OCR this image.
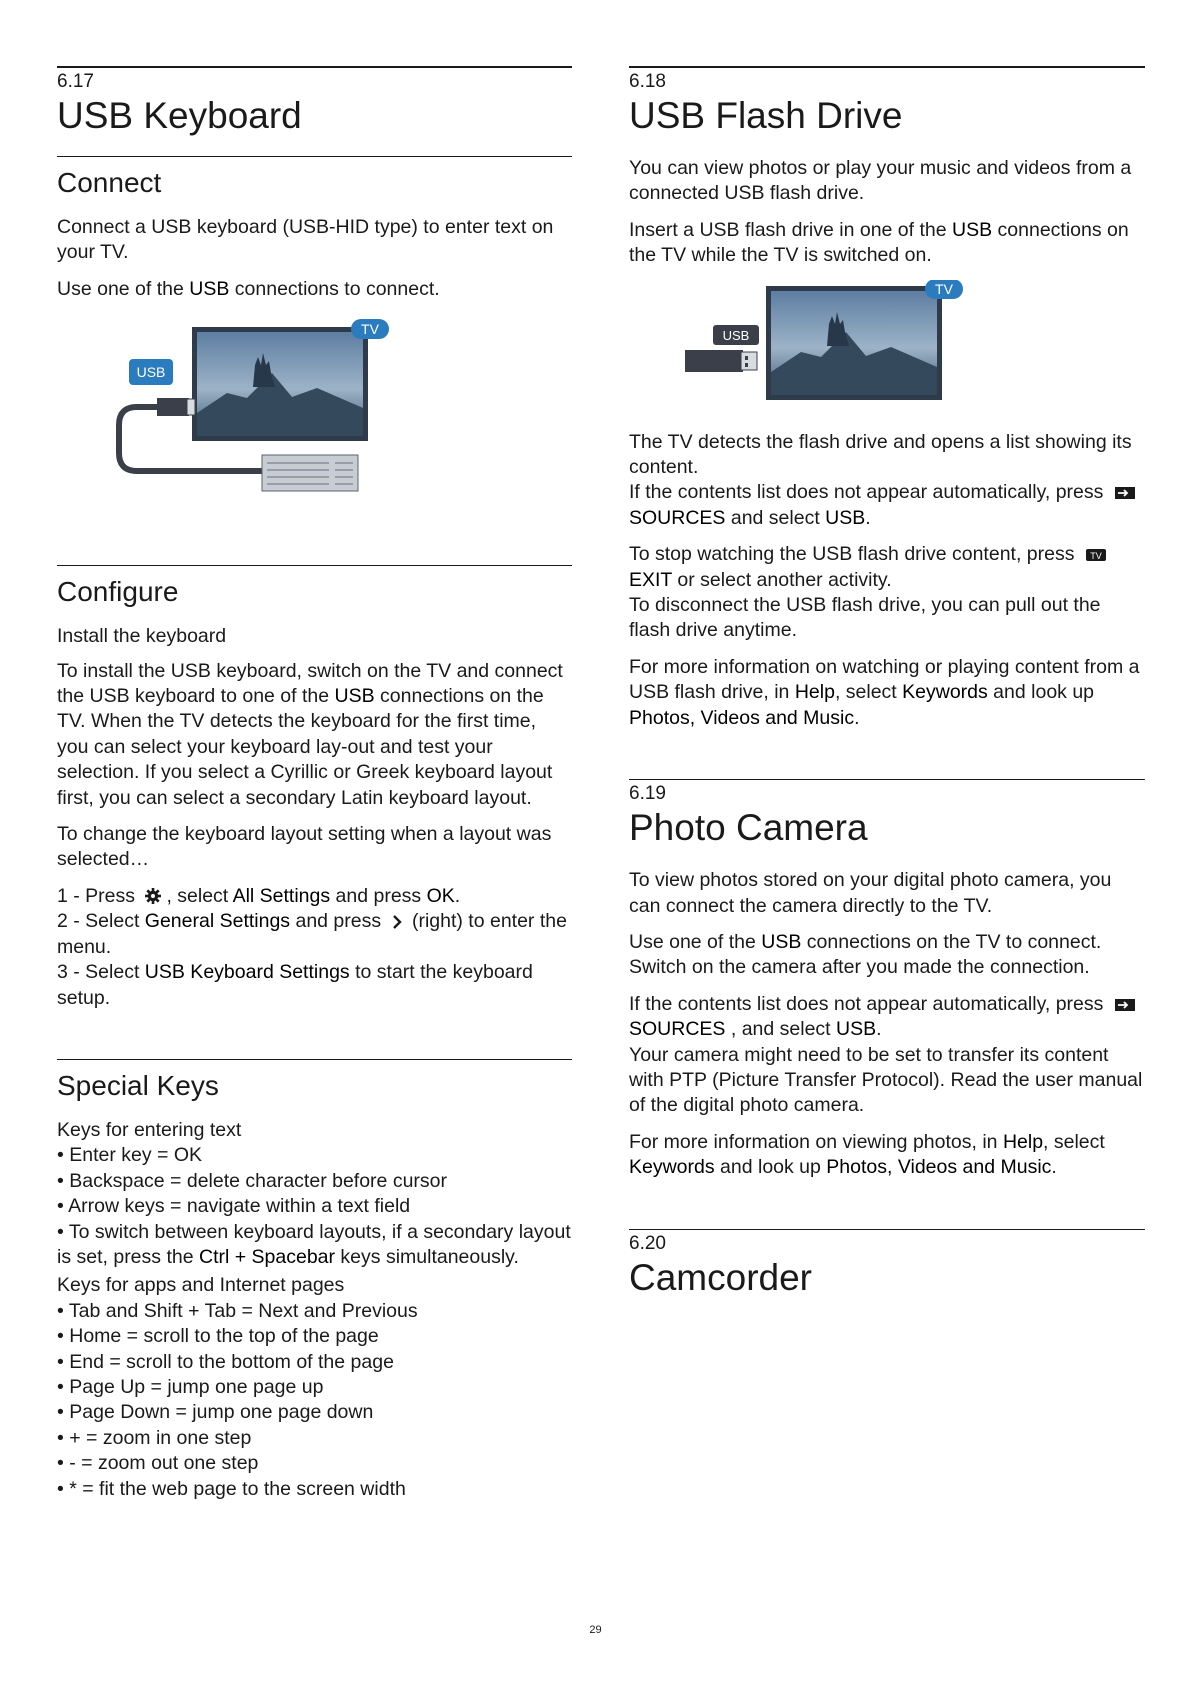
6.17
USB Keyboard
Connect

Connect a USB keyboard (USB-HID type) to enter text on your TV.

Use one of the USB connections to connect.

TV
USB
Configure
Install the keyboard

To install the USB keyboard, switch on the TV and connect the USB keyboard to one of the USB connections on the TV. When the TV detects the keyboard for the first time, you can select your keyboard lay-out and test your selection. If you select a Cyrillic or Greek keyboard layout first, you can select a secondary Latin keyboard layout.

To change the keyboard layout setting when a layout was selected…

1 - Press , select All Settings and press OK.
2 - Select General Settings and press  (right) to enter the menu.
3 - Select USB Keyboard Settings to start the keyboard setup.

Special Keys
Keys for entering text
• Enter key = OK
• Backspace = delete character before cursor
• Arrow keys = navigate within a text field
• To switch between keyboard layouts, if a secondary layout is set, press the Ctrl + Spacebar keys simultaneously.
Keys for apps and Internet pages
• Tab and Shift + Tab = Next and Previous
• Home = scroll to the top of the page
• End = scroll to the bottom of the page
• Page Up = jump one page up
• Page Down = jump one page down
• + = zoom in one step
• - = zoom out one step
• * = fit the web page to the screen width
6.18
USB Flash Drive

You can view photos or play your music and videos from a connected USB flash drive.

Insert a USB flash drive in one of the USB connections on the TV while the TV is switched on.

TV
USB

The TV detects the flash drive and opens a list showing its content.
If the contents list does not appear automatically, press SOURCES and select USB.

To stop watching the USB flash drive content, press TV
EXIT or select another activity.
To disconnect the USB flash drive, you can pull out the flash drive anytime.

For more information on watching or playing content from a USB flash drive, in Help, select Keywords and look up Photos, Videos and Music.

6.19
Photo Camera

To view photos stored on your digital photo camera, you can connect the camera directly to the TV.

Use one of the USB connections on the TV to connect. Switch on the camera after you made the connection.

If the contents list does not appear automatically, press SOURCES , and select USB.
Your camera might need to be set to transfer its content with PTP (Picture Transfer Protocol). Read the user manual of the digital photo camera.

For more information on viewing photos, in Help, select Keywords and look up Photos, Videos and Music.

6.20
Camcorder
29
